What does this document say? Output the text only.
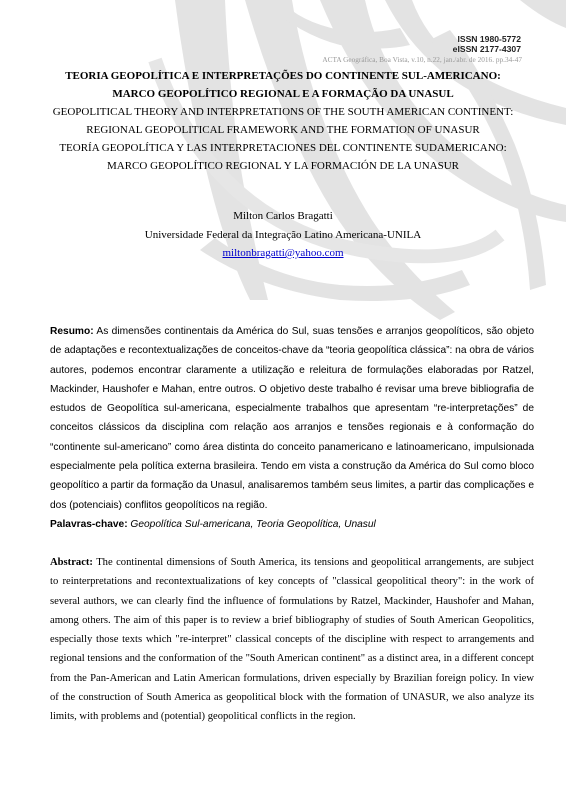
ISSN 1980-5772
eISSN 2177-4307
ACTA Geográfica, Boa Vista, v.10, n.22, jan./abr. de 2016. pp.34-47
TEORIA GEOPOLÍTICA E INTERPRETAÇÕES DO CONTINENTE SUL-AMERICANO:
MARCO GEOPOLÍTICO REGIONAL E A FORMAÇÃO DA UNASUL
GEOPOLITICAL THEORY AND INTERPRETATIONS OF THE SOUTH AMERICAN CONTINENT:
REGIONAL GEOPOLITICAL FRAMEWORK AND THE FORMATION OF UNASUR
TEORÍA GEOPOLÍTICA Y LAS INTERPRETACIONES DEL CONTINENTE SUDAMERICANO:
MARCO GEOPOLÍTICO REGIONAL Y LA FORMACIÓN DE LA UNASUR
Milton Carlos Bragatti
Universidade Federal da Integração Latino Americana-UNILA
miltonbragatti@yahoo.com
Resumo: As dimensões continentais da América do Sul, suas tensões e arranjos geopolíticos, são objeto de adaptações e recontextualizações de conceitos-chave da “teoria geopolítica clássica”: na obra de vários autores, podemos encontrar claramente a utilização e releitura de formulações elaboradas por Ratzel, Mackinder, Haushofer e Mahan, entre outros. O objetivo deste trabalho é revisar uma breve bibliografia de estudos de Geopolítica sul-americana, especialmente trabalhos que apresentam “re-interpretações” de conceitos clássicos da disciplina com relação aos arranjos e tensões regionais e à conformação do “continente sul-americano” como área distinta do conceito panamericano e latinoamericano, impulsionada especialmente pela política externa brasileira. Tendo em vista a construção da América do Sul como bloco geopolítico a partir da formação da Unasul, analisaremos também seus limites, a partir das complicações e dos (potenciais) conflitos geopolíticos na região.
Palavras-chave: Geopolítica Sul-americana, Teoria Geopolítica, Unasul
Abstract: The continental dimensions of South America, its tensions and geopolitical arrangements, are subject to reinterpretations and recontextualizations of key concepts of "classical geopolitical theory": in the work of several authors, we can clearly find the influence of formulations by Ratzel, Mackinder, Haushofer and Mahan, among others. The aim of this paper is to review a brief bibliography of studies of South American Geopolitics, especially those texts which "re-interpret" classical concepts of the discipline with respect to arrangements and regional tensions and the conformation of the "South American continent" as a distinct area, in a different concept from the Pan-American and Latin American formulations, driven especially by Brazilian foreign policy. In view of the construction of South America as geopolitical block with the formation of UNASUR, we also analyze its limits, with problems and (potential) geopolitical conflicts in the region.
